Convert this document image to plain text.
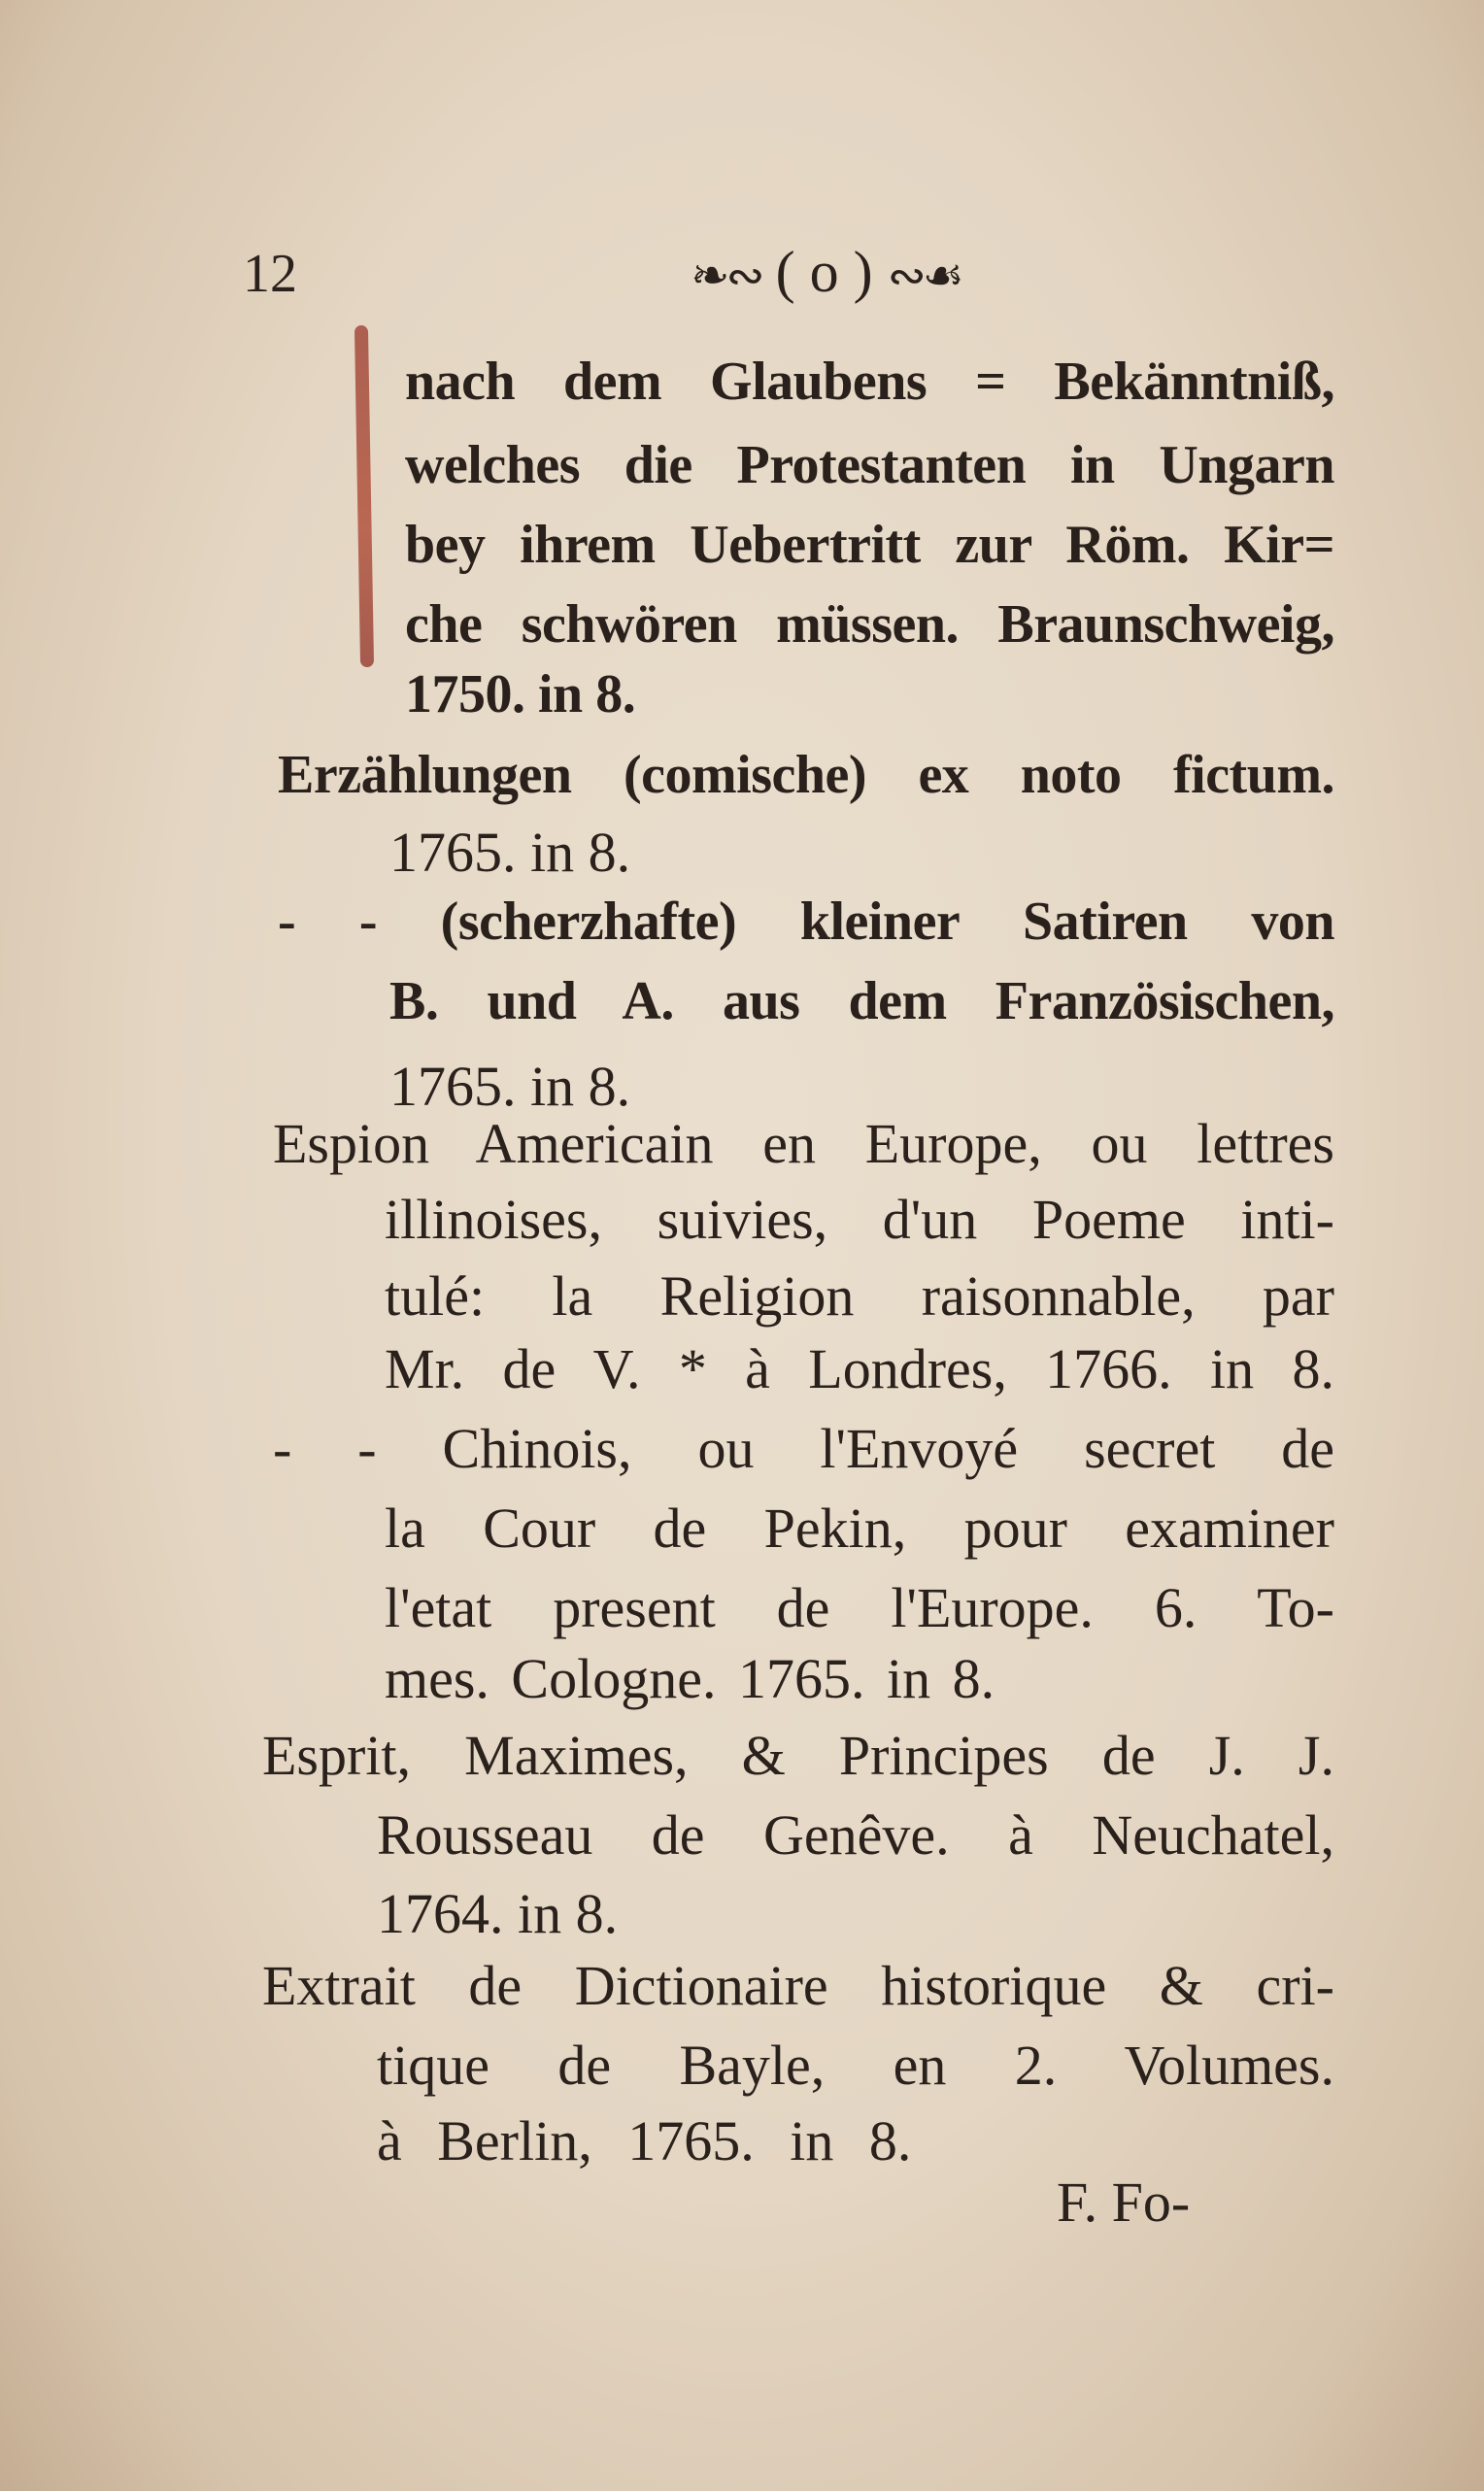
12	❧∾ ( o ) ∾☙
nach dem Glaubens = Bekänntniß,
welches die Protestanten in Ungarn
bey ihrem Uebertritt zur Röm. Kir=
che schwören müssen. Braunschweig,
1750. in 8.
Erzählungen (comische) ex noto fictum.
1765. in 8.
- - (scherzhafte) kleiner Satiren von
B. und A. aus dem Französischen,
1765. in 8.
Espion Americain en Europe, ou lettres
illinoises, suivies, d'un Poeme inti-
tulé: la Religion raisonnable, par
Mr. de V. * à Londres, 1766. in 8.
- - Chinois, ou l'Envoyé secret de
la Cour de Pekin, pour examiner
l'etat present de l'Europe. 6. To-
mes. Cologne. 1765. in 8.
Esprit, Maximes, & Principes de J. J.
Rousseau de Genêve. à Neuchatel,
1764. in 8.
Extrait de Dictionaire historique & cri-
tique de Bayle, en 2. Volumes.
à Berlin, 1765. in 8.
F. Fo-
